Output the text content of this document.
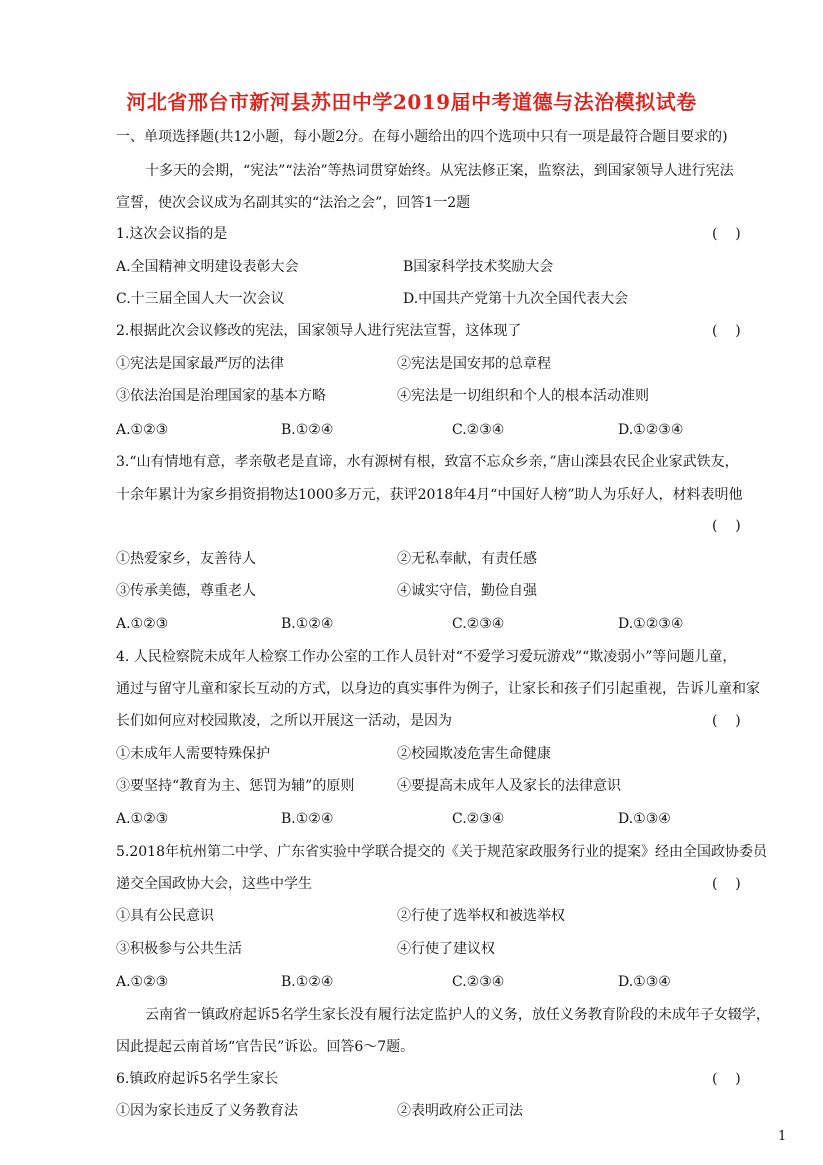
河北省邢台市新河县苏田中学2019届中考道德与法治模拟试卷
一、单项选择题(共12小题，每小题2分。在每小题给出的四个选项中只有一项是最符合题目要求的)
十多天的会期，“宪法”“法治”等热词贯穿始终。从宪法修正案，监察法，到国家领导人进行宪法
宣誓，使次会议成为名副其实的“法治之会”，回答1一2题
1.这次会议指的是	(    )
A.全国精神文明建设表彰大会	B国家科学技术奖励大会
C.十三届全国人大一次会议	D.中国共产党第十九次全国代表大会
2.根据此次会议修改的宪法，国家领导人进行宪法宣誓，这体现了	(    )
①宪法是国家最严厉的法律	②宪法是国安邦的总章程
③依法治国是治理国家的基本方略	④宪法是一切组织和个人的根本活动准则
A.①②③	B.①②④	C.②③④	D.①②③④
3.“山有情地有意，孝亲敬老是直谛，水有源树有根，致富不忘众乡亲，”唐山滦县农民企业家武铁友，
十余年累计为家乡捐资捐物达1000多万元，获评2018年4月“中国好人榜”助人为乐好人，材料表明他
(    )
①热爱家乡，友善待人	②无私奉献，有责任感
③传承美德，尊重老人	④诚实守信，勤俭自强
A.①②③	B.①②④	C.②③④	D.①②③④
4. 人民检察院未成年人检察工作办公室的工作人员针对“不爱学习爱玩游戏”“欺凌弱小”等问题儿童，
通过与留守儿童和家长互动的方式，以身边的真实事件为例子，让家长和孩子们引起重视，告诉儿童和家
长们如何应对校园欺凌，之所以开展这一活动，是因为	(    )
①未成年人需要特殊保护	②校园欺凌危害生命健康
③要坚持“教育为主、惩罚为辅”的原则	④要提高未成年人及家长的法律意识
A.①②③	B.①②④	C.②③④	D.①③④
5.2018年杭州第二中学、广东省实验中学联合提交的《关于规范家政服务行业的提案》经由全国政协委员
递交全国政协大会，这些中学生	(    )
①具有公民意识	②行使了选举权和被选举权
③积极参与公共生活	④行使了建议权
A.①②③	B.①②④	C.②③④	D.①③④
云南省一镇政府起诉5名学生家长没有履行法定监护人的义务，放任义务教育阶段的未成年子女辍学，
因此提起云南首场“官告民”诉讼。回答6～7题。
6.镇政府起诉5名学生家长	(    )
①因为家长违反了义务教育法	②表明政府公正司法
1
